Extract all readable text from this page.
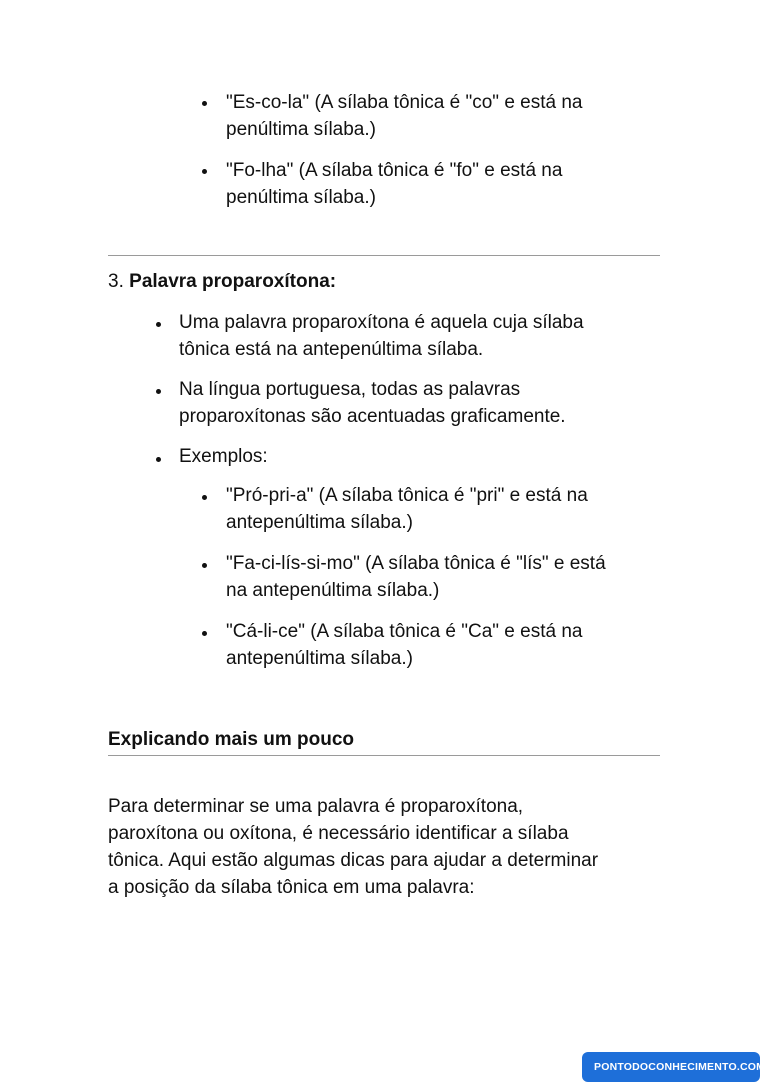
"Es-co-la" (A sílaba tônica é "co" e está na
penúltima sílaba.)
"Fo-lha" (A sílaba tônica é "fo" e está na
penúltima sílaba.)
3. Palavra proparoxítona:
Uma palavra proparoxítona é aquela cuja sílaba
tônica está na antepenúltima sílaba.
Na língua portuguesa, todas as palavras
proparoxítonas são acentuadas graficamente.
Exemplos:
"Pró-pri-a" (A sílaba tônica é "pri" e está na
antepenúltima sílaba.)
"Fa-ci-lís-si-mo" (A sílaba tônica é "lís" e está
na antepenúltima sílaba.)
"Cá-li-ce" (A sílaba tônica é "Ca" e está na
antepenúltima sílaba.)
Explicando mais um pouco
Para determinar se uma palavra é proparoxítona,
paroxítona ou oxítona, é necessário identificar a sílaba
tônica. Aqui estão algumas dicas para ajudar a determinar
a posição da sílaba tônica em uma palavra:
PONTODOCONHECIMENTO.COM
